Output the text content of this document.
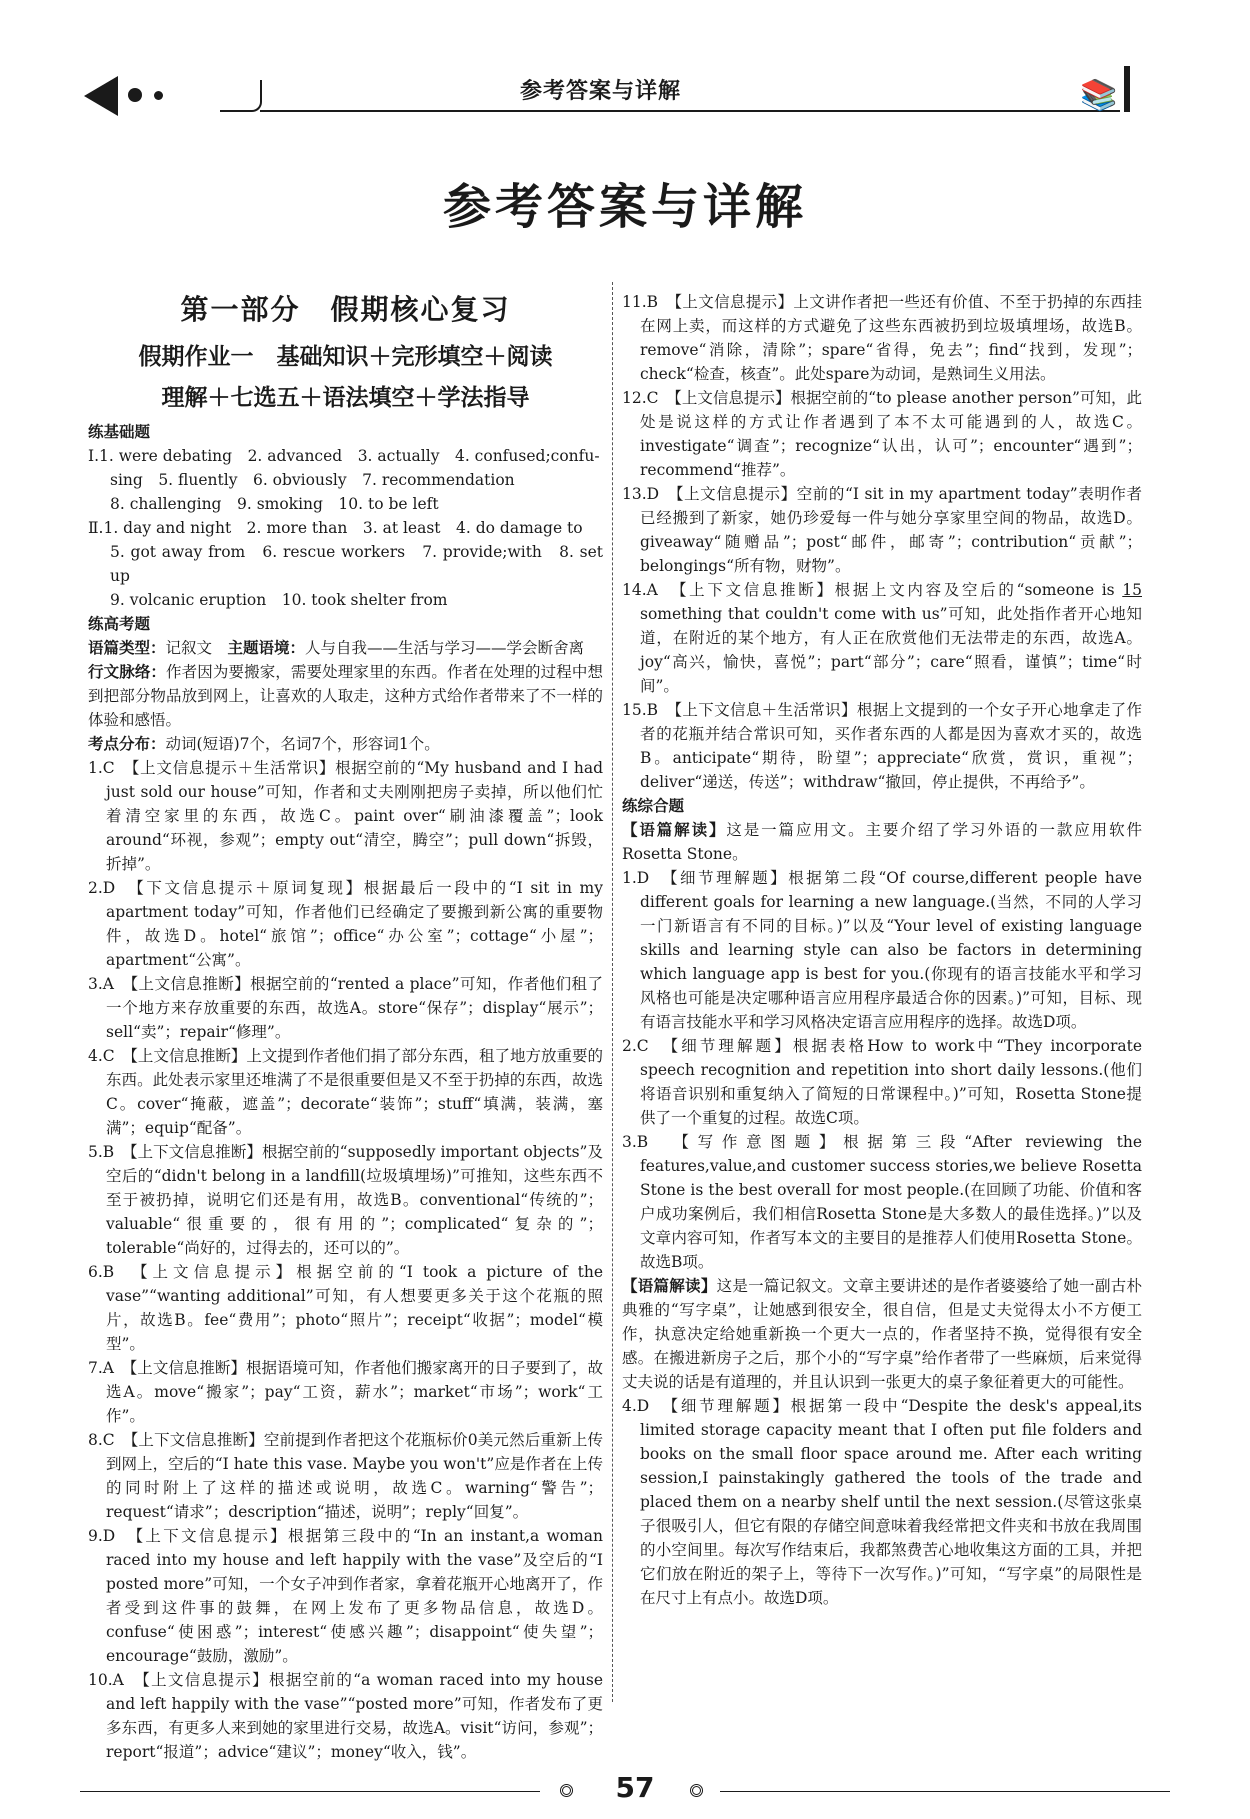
参考答案与详解	📚
参考答案与详解
第一部分　假期核心复习
假期作业一　基础知识＋完形填空＋阅读
理解＋七选五＋语法填空＋学法指导

练基础题

Ⅰ.1. were debating　2. advanced　3. actually　4. confused;confu-

sing　5. fluently　6. obviously　7. recommendation

8. challenging　9. smoking　10. to be left

Ⅱ.1. day and night　2. more than　3. at least　4. do damage to

5. got away from　6. rescue workers　7. provide;with　8. set up

9. volcanic eruption　10. took shelter from

练高考题

语篇类型：记叙文　主题语境：人与自我——生活与学习——学会断舍离

行文脉络：作者因为要搬家，需要处理家里的东西。作者在处理的过程中想到把部分物品放到网上，让喜欢的人取走，这种方式给作者带来了不一样的体验和感悟。

考点分布：动词(短语)7个，名词7个，形容词1个。

1.C　【上文信息提示＋生活常识】根据空前的“My husband and I had just sold our house”可知，作者和丈夫刚刚把房子卖掉，所以他们忙着清空家里的东西，故选C。paint over“刷油漆覆盖”；look around“环视，参观”；empty out“清空，腾空”；pull down“拆毁，折掉”。

2.D　【下文信息提示＋原词复现】根据最后一段中的“I sit in my apartment today”可知，作者他们已经确定了要搬到新公寓的重要物件，故选D。hotel“旅馆”；office“办公室”；cottage“小屋”；apartment“公寓”。

3.A　【上文信息推断】根据空前的“rented a place”可知，作者他们租了一个地方来存放重要的东西，故选A。store“保存”；display“展示”；sell“卖”；repair“修理”。

4.C　【上文信息推断】上文提到作者他们捐了部分东西，租了地方放重要的东西。此处表示家里还堆满了不是很重要但是又不至于扔掉的东西，故选C。cover“掩蔽，遮盖”；decorate“装饰”；stuff“填满，装满，塞满”；equip“配备”。

5.B　【上下文信息推断】根据空前的“supposedly important objects”及空后的“didn't belong in a landfill(垃圾填埋场)”可推知，这些东西不至于被扔掉，说明它们还是有用，故选B。conventional“传统的”；valuable“很重要的，很有用的”；complicated“复杂的”；tolerable“尚好的，过得去的，还可以的”。

6.B　【上文信息提示】根据空前的“I took a picture of the vase”“wanting additional”可知，有人想要更多关于这个花瓶的照片，故选B。fee“费用”；photo“照片”；receipt“收据”；model“模型”。

7.A　【上文信息推断】根据语境可知，作者他们搬家离开的日子要到了，故选A。move“搬家”；pay“工资，薪水”；market“市场”；work“工作”。

8.C　【上下文信息推断】空前提到作者把这个花瓶标价0美元然后重新上传到网上，空后的“I hate this vase. Maybe you won't”应是作者在上传的同时附上了这样的描述或说明，故选C。warning“警告”；request“请求”；description“描述，说明”；reply“回复”。

9.D　【上下文信息提示】根据第三段中的“In an instant,a woman raced into my house and left happily with the vase”及空后的“I posted more”可知，一个女子冲到作者家，拿着花瓶开心地离开了，作者受到这件事的鼓舞，在网上发布了更多物品信息，故选D。confuse“使困惑”；interest“使感兴趣”；disappoint“使失望”；encourage“鼓励，激励”。

10.A　【上文信息提示】根据空前的“a woman raced into my house and left happily with the vase”“posted more”可知，作者发布了更多东西，有更多人来到她的家里进行交易，故选A。visit“访问，参观”；report“报道”；advice“建议”；money“收入，钱”。

11.B　【上文信息提示】上文讲作者把一些还有价值、不至于扔掉的东西挂在网上卖，而这样的方式避免了这些东西被扔到垃圾填埋场，故选B。remove“消除，清除”；spare“省得，免去”；find“找到，发现”；check“检查，核查”。此处spare为动词，是熟词生义用法。

12.C　【上文信息提示】根据空前的“to please another person”可知，此处是说这样的方式让作者遇到了本不太可能遇到的人，故选C。investigate“调查”；recognize“认出，认可”；encounter“遇到”；recommend“推荐”。

13.D　【上文信息提示】空前的“I sit in my apartment today”表明作者已经搬到了新家，她仍珍爱每一件与她分享家里空间的物品，故选D。giveaway“随赠品”；post“邮件，邮寄”；contribution“贡献”；belongings“所有物，财物”。

14.A　【上下文信息推断】根据上文内容及空后的“someone is 15 something that couldn't come with us”可知，此处指作者开心地知道，在附近的某个地方，有人正在欣赏他们无法带走的东西，故选A。joy“高兴，愉快，喜悦”；part“部分”；care“照看，谨慎”；time“时间”。

15.B　【上下文信息＋生活常识】根据上文提到的一个女子开心地拿走了作者的花瓶并结合常识可知，买作者东西的人都是因为喜欢才买的，故选B。anticipate“期待，盼望”；appreciate“欣赏，赏识，重视”；deliver“递送，传送”；withdraw“撤回，停止提供，不再给予”。

练综合题

【语篇解读】这是一篇应用文。主要介绍了学习外语的一款应用软件Rosetta Stone。

1.D　【细节理解题】根据第二段“Of course,different people have different goals for learning a new language.(当然，不同的人学习一门新语言有不同的目标。)”以及“Your level of existing language skills and learning style can also be factors in determining which language app is best for you.(你现有的语言技能水平和学习风格也可能是决定哪种语言应用程序最适合你的因素。)”可知，目标、现有语言技能水平和学习风格决定语言应用程序的选择。故选D项。

2.C　【细节理解题】根据表格How to work中“They incorporate speech recognition and repetition into short daily lessons.(他们将语音识别和重复纳入了简短的日常课程中。)”可知，Rosetta Stone提供了一个重复的过程。故选C项。

3.B　【写作意图题】根据第三段“After reviewing the features,value,and customer success stories,we believe Rosetta Stone is the best overall for most people.(在回顾了功能、价值和客户成功案例后，我们相信Rosetta Stone是大多数人的最佳选择。)”以及文章内容可知，作者写本文的主要目的是推荐人们使用Rosetta Stone。故选B项。

【语篇解读】这是一篇记叙文。文章主要讲述的是作者婆婆给了她一副古朴典雅的“写字桌”，让她感到很安全，很自信，但是丈夫觉得太小不方便工作，执意决定给她重新换一个更大一点的，作者坚持不换，觉得很有安全感。在搬进新房子之后，那个小的“写字桌”给作者带了一些麻烦，后来觉得丈夫说的话是有道理的，并且认识到一张更大的桌子象征着更大的可能性。

4.D　【细节理解题】根据第一段中“Despite the desk's appeal,its limited storage capacity meant that I often put file folders and books on the small floor space around me. After each writing session,I painstakingly gathered the tools of the trade and placed them on a nearby shelf until the next session.(尽管这张桌子很吸引人，但它有限的存储空间意味着我经常把文件夹和书放在我周围的小空间里。每次写作结束后，我都煞费苦心地收集这方面的工具，并把它们放在附近的架子上，等待下一次写作。)”可知，“写字桌”的局限性是在尺寸上有点小。故选D项。

57
